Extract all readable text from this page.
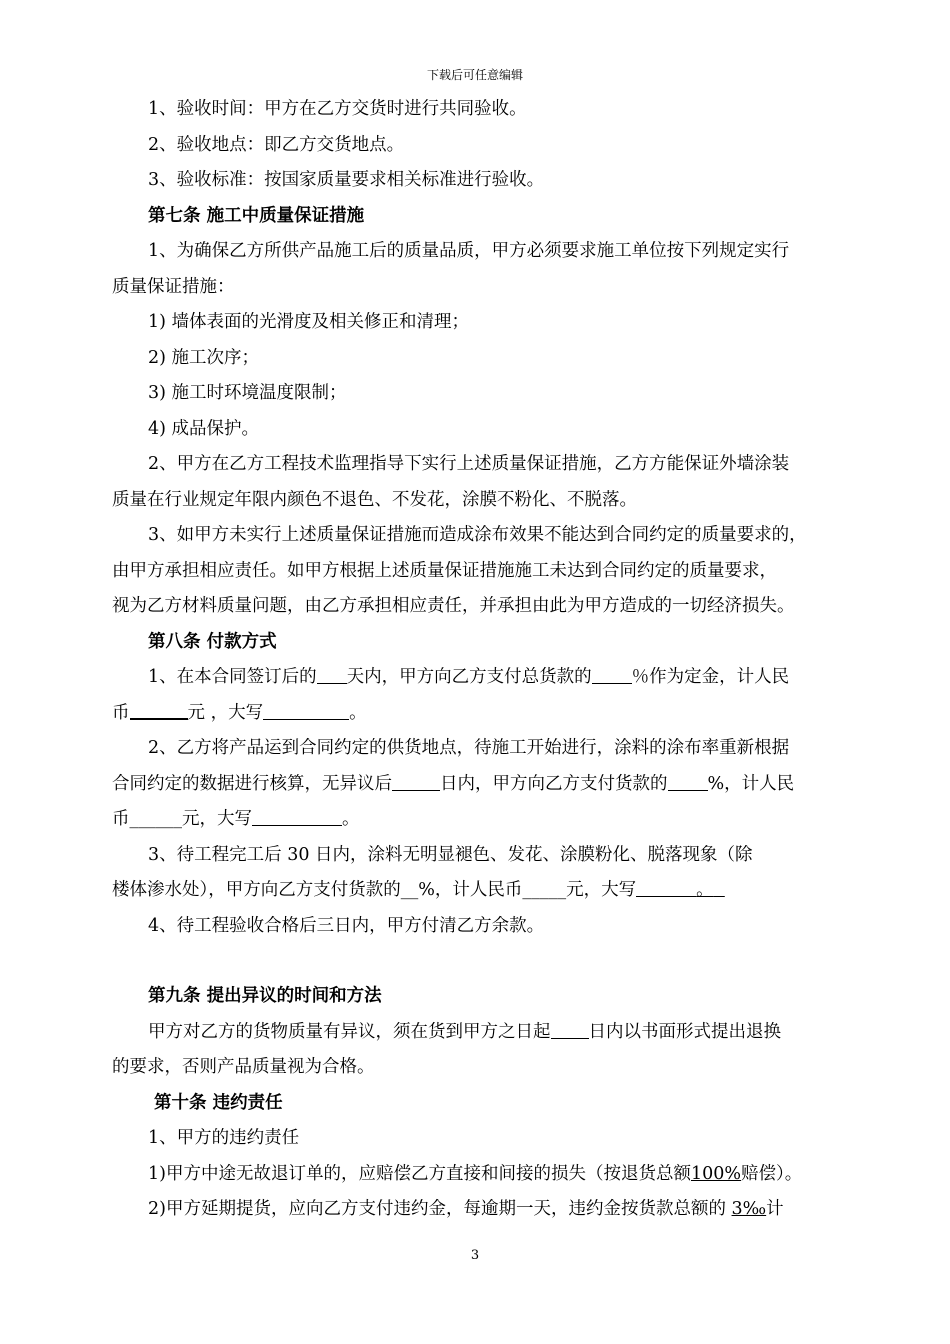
下载后可任意编辑

1、验收时间：甲方在乙方交货时进行共同验收。

2、验收地点：即乙方交货地点。

3、验收标准：按国家质量要求相关标准进行验收。

第七条 施工中质量保证措施

1、为确保乙方所供产品施工后的质量品质，甲方必须要求施工单位按下列规定实行

质量保证措施：

1) 墙体表面的光滑度及相关修正和清理；

2) 施工次序；

3) 施工时环境温度限制；

4) 成品保护。

2、甲方在乙方工程技术监理指导下实行上述质量保证措施，乙方方能保证外墙涂装

质量在行业规定年限内颜色不退色、不发花，涂膜不粉化、不脱落。

3、如甲方未实行上述质量保证措施而造成涂布效果不能达到合同约定的质量要求的，

由甲方承担相应责任。如甲方根据上述质量保证措施施工未达到合同约定的质量要求，

视为乙方材料质量问题，由乙方承担相应责任，并承担由此为甲方造成的一切经济损失。

第八条 付款方式

1、在本合同签订后的 天内，甲方向乙方支付总货款的 ％作为定金，计人民

币	元 ，大写	。

2、乙方将产品运到合同约定的供货地点，待施工开始进行，涂料的涂布率重新根据

合同约定的数据进行核算，无异议后	日内，甲方向乙方支付货款的 %，计人民

币______元，大写	。

3、待工程完工后 30 日内，涂料无明显褪色、发花、涂膜粉化、脱落现象（除

楼体渗水处），甲方向乙方支付货款的__%，计人民币_____元，大写	。

4、待工程验收合格后三日内，甲方付清乙方余款。

第九条 提出异议的时间和方法

甲方对乙方的货物质量有异议，须在货到甲方之日起 日内以书面形式提出退换

的要求，否则产品质量视为合格。

第十条 违约责任

1、甲方的违约责任

1)甲方中途无故退订单的，应赔偿乙方直接和间接的损失（按退货总额100%赔偿）。

2)甲方延期提货，应向乙方支付违约金，每逾期一天，违约金按货款总额的 3‰计

3
